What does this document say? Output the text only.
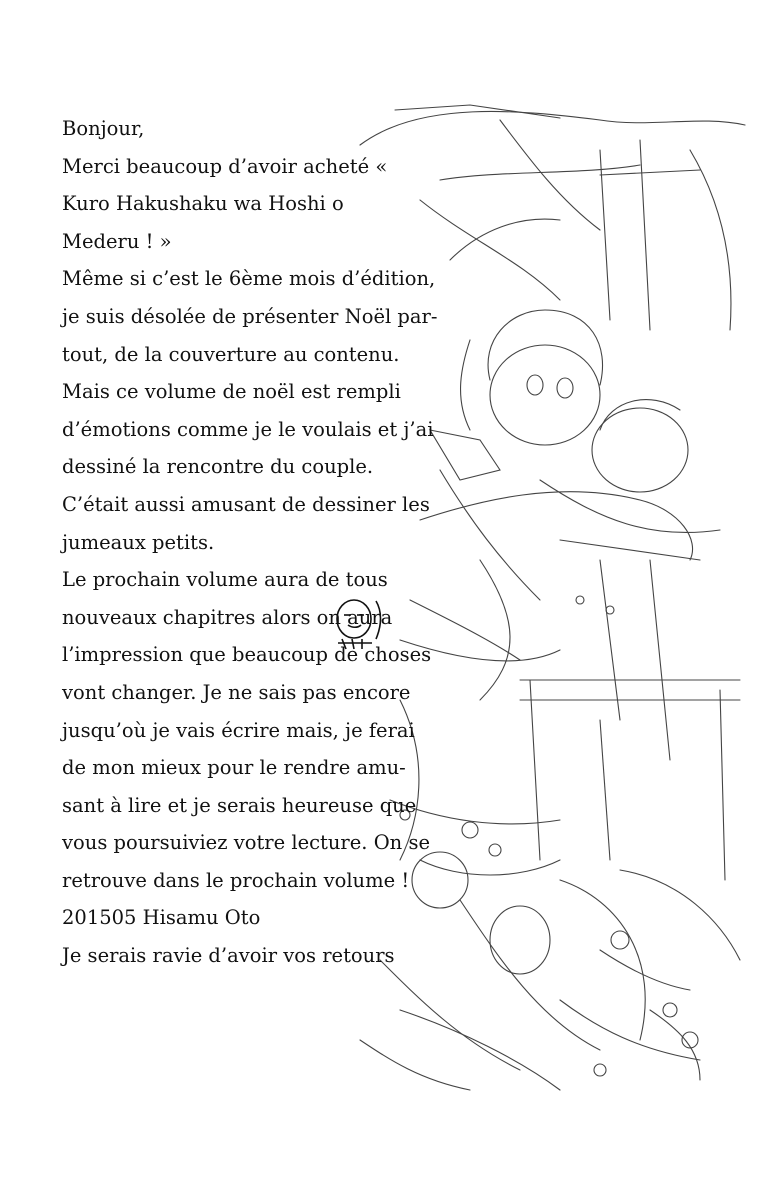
Bonjour,
Merci beaucoup d’avoir acheté «
Kuro Hakushaku wa Hoshi o
Mederu ! »
Même si c’est le 6ème mois d’édition,
je suis désolée de présenter Noël par-
tout, de la couverture au contenu.
Mais ce volume de noël est rempli
d’émotions comme je le voulais et j’ai
dessiné la rencontre du couple.
C’était aussi amusant de dessiner les
jumeaux petits.
Le prochain volume aura de tous
nouveaux chapitres alors on aura
l’impression que beaucoup de choses
vont changer. Je ne sais pas encore
jusqu’où je vais écrire mais, je ferai
de mon mieux pour le rendre amu-
sant à lire et je serais heureuse que
vous poursuiviez votre lecture. On se
retrouve dans le prochain volume !
201505 Hisamu Oto
Je serais ravie d’avoir vos retours
